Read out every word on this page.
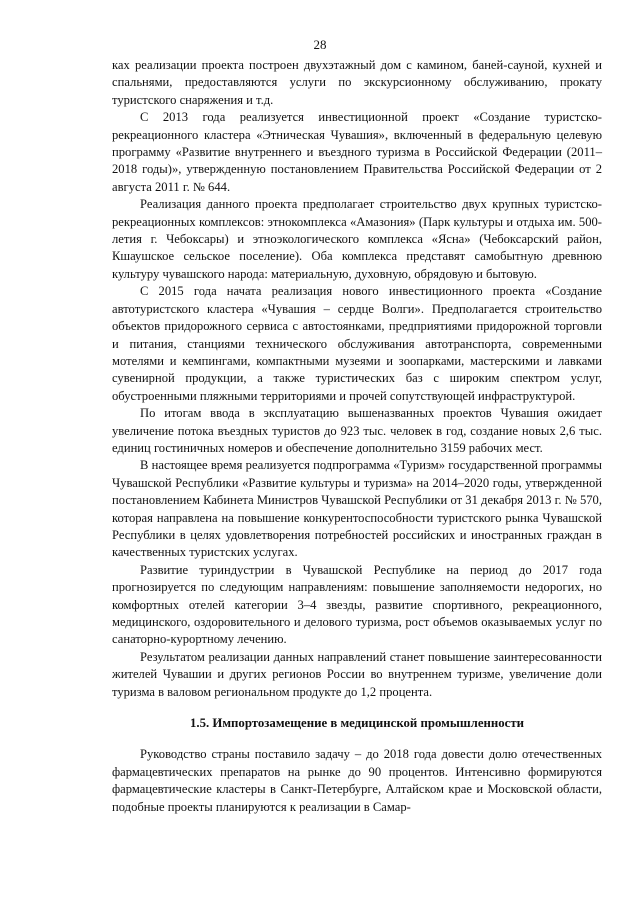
28

ках реализации проекта построен двухэтажный дом с камином, баней-сауной, кухней и спальнями, предоставляются услуги по экскурсионному обслуживанию, прокату туристского снаряжения и т.д.

С 2013 года реализуется инвестиционной проект «Создание туристско-рекреационного кластера «Этническая Чувашия», включенный в федеральную целевую программу «Развитие внутреннего и въездного туризма в Российской Федерации (2011–2018 годы)», утвержденную постановлением Правительства Российской Федерации от 2 августа 2011 г. № 644.

Реализация данного проекта предполагает строительство двух крупных туристско-рекреационных комплексов: этнокомплекса «Амазония» (Парк культуры и отдыха им. 500-летия г. Чебоксары) и этноэкологического комплекса «Ясна» (Чебоксарский район, Кшаушское сельское поселение). Оба комплекса представят самобытную древнюю культуру чувашского народа: материальную, духовную, обрядовую и бытовую.

С 2015 года начата реализация нового инвестиционного проекта «Создание автотуристского кластера «Чувашия – сердце Волги». Предполагается строительство объектов придорожного сервиса с автостоянками, предприятиями придорожной торговли и питания, станциями технического обслуживания автотранспорта, современными мотелями и кемпингами, компактными музеями и зоопарками, мастерскими и лавками сувенирной продукции, а также туристических баз с широким спектром услуг, обустроенными пляжными территориями и прочей сопутствующей инфраструктурой.

По итогам ввода в эксплуатацию вышеназванных проектов Чувашия ожидает увеличение потока въездных туристов до 923 тыс. человек в год, создание новых 2,6 тыс. единиц гостиничных номеров и обеспечение дополнительно 3159 рабочих мест.

В настоящее время реализуется подпрограмма «Туризм» государственной программы Чувашской Республики «Развитие культуры и туризма» на 2014–2020 годы, утвержденной постановлением Кабинета Министров Чувашской Республики от 31 декабря 2013 г. № 570, которая направлена на повышение конкурентоспособности туристского рынка Чувашской Республики в целях удовлетворения потребностей российских и иностранных граждан в качественных туристских услугах.

Развитие туриндустрии в Чувашской Республике на период до 2017 года прогнозируется по следующим направлениям: повышение заполняемости недорогих, но комфортных отелей категории 3–4 звезды, развитие спортивного, рекреационного, медицинского, оздоровительного и делового туризма, рост объемов оказываемых услуг по санаторно-курортному лечению.

Результатом реализации данных направлений станет повышение заинтересованности жителей Чувашии и других регионов России во внутреннем туризме, увеличение доли туризма в валовом региональном продукте до 1,2 процента.

1.5. Импортозамещение в медицинской промышленности

Руководство страны поставило задачу – до 2018 года довести долю отечественных фармацевтических препаратов на рынке до 90 процентов. Интенсивно формируются фармацевтические кластеры в Санкт-Петербурге, Алтайском крае и Московской области, подобные проекты планируются к реализации в Самар-
